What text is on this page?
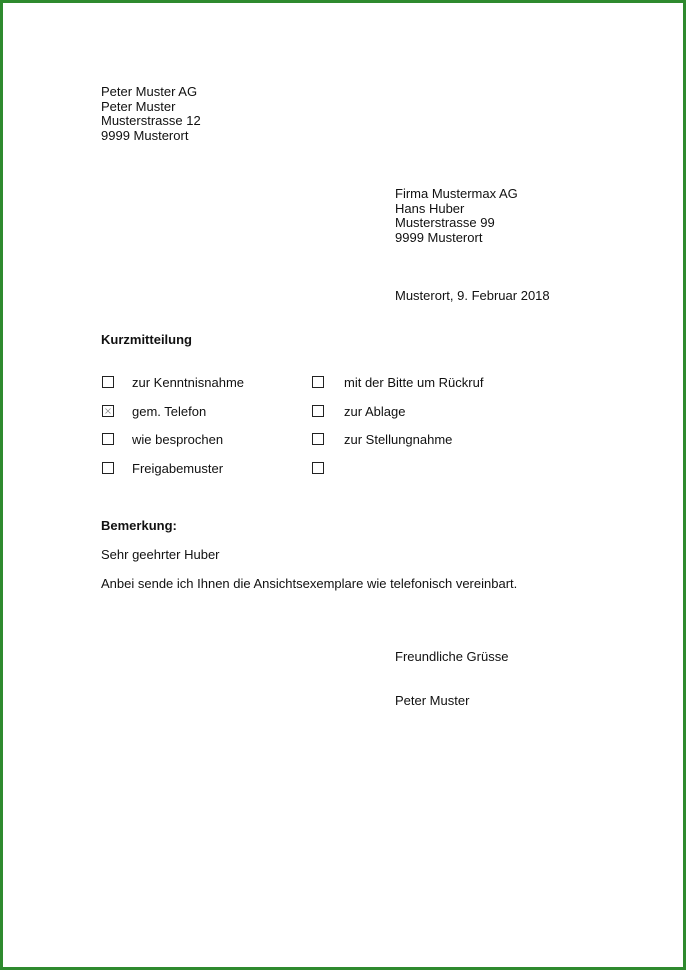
Peter Muster AG
Peter Muster
Musterstrasse 12
9999 Musterort
Firma Mustermax AG
Hans Huber
Musterstrasse 99
9999 Musterort
Musterort, 9. Februar 2018
Kurzmitteilung
zur Kenntnisnahme
gem. Telefon
wie besprochen
Freigabemuster
mit der Bitte um Rückruf
zur Ablage
zur Stellungnahme
Bemerkung:
Sehr geehrter Huber
Anbei sende ich Ihnen die Ansichtsexemplare wie telefonisch vereinbart.
Freundliche Grüsse
Peter Muster
